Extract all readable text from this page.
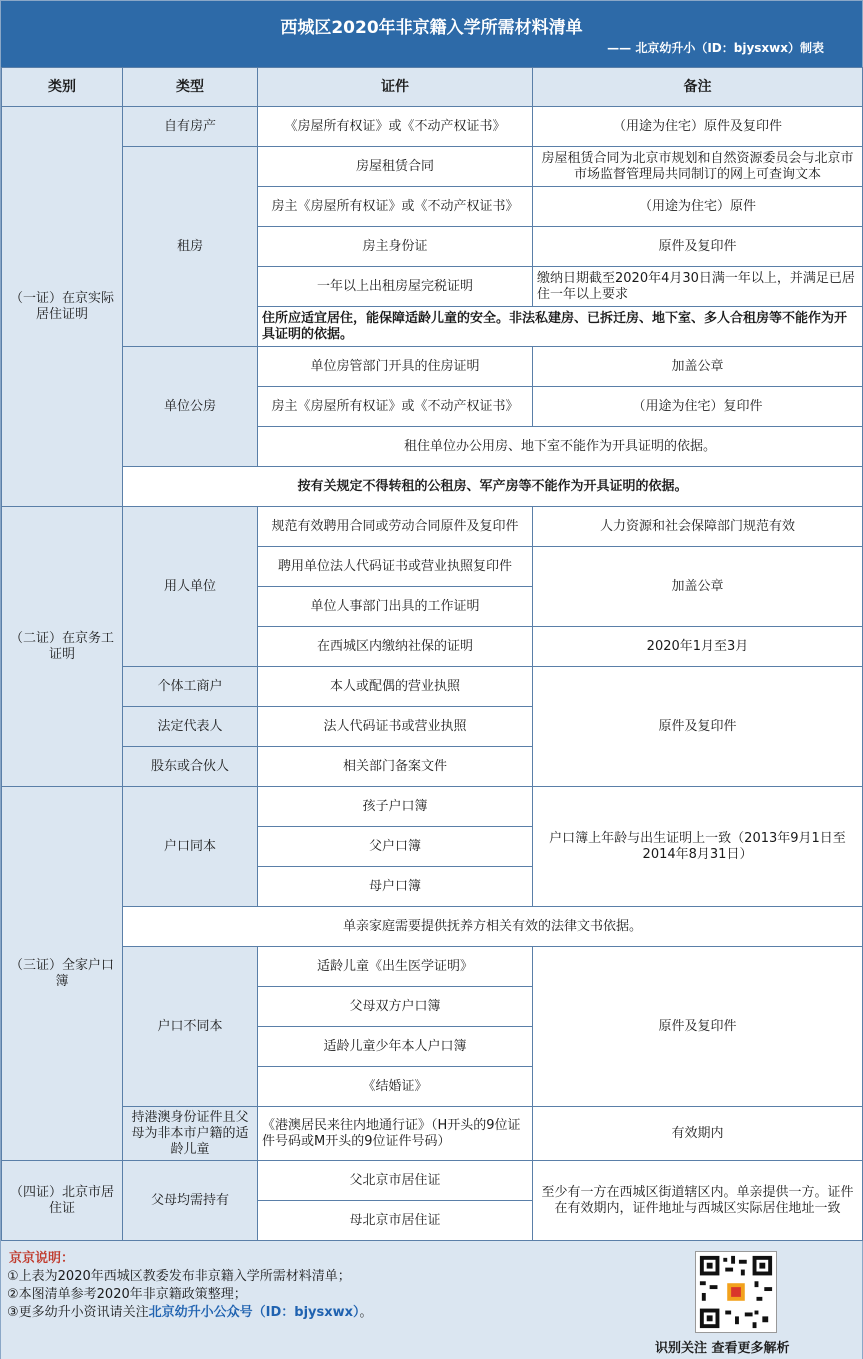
西城区2020年非京籍入学所需材料清单
—— 北京幼升小（ID：bjysxwx）制表
类别	类型	证件	备注
（一证）在京实际居住证明	自有房产	《房屋所有权证》或《不动产权证书》	（用途为住宅）原件及复印件
	租房	房屋租赁合同	房屋租赁合同为北京市规划和自然资源委员会与北京市市场监督管理局共同制订的网上可查询文本
		房主《房屋所有权证》或《不动产权证书》	（用途为住宅）原件
		房主身份证	原件及复印件
		一年以上出租房屋完税证明	缴纳日期截至2020年4月30日满一年以上，并满足已居住一年以上要求
		住所应适宜居住，能保障适龄儿童的安全。非法私建房、已拆迁房、地下室、多人合租房等不能作为开具证明的依据。	
	单位公房	单位房管部门开具的住房证明	加盖公章
		房主《房屋所有权证》或《不动产权证书》	（用途为住宅）复印件
		租住单位办公用房、地下室不能作为开具证明的依据。	
	按有关规定不得转租的公租房、军产房等不能作为开具证明的依据。		
（二证）在京务工证明	用人单位	规范有效聘用合同或劳动合同原件及复印件	人力资源和社会保障部门规范有效
		聘用单位法人代码证书或营业执照复印件	加盖公章
		单位人事部门出具的工作证明	
		在西城区内缴纳社保的证明	2020年1月至3月
	个体工商户	本人或配偶的营业执照	原件及复印件
	法定代表人	法人代码证书或营业执照	
	股东或合伙人	相关部门备案文件	
（三证）全家户口簿	户口同本	孩子户口簿	户口簿上年龄与出生证明上一致（2013年9月1日至2014年8月31日）
		父户口簿	
		母户口簿	
	单亲家庭需要提供抚养方相关有效的法律文书依据。		
	户口不同本	适龄儿童《出生医学证明》	原件及复印件
		父母双方户口簿	
		适龄儿童少年本人户口簿	
		《结婚证》	
	持港澳身份证件且父母为非本市户籍的适龄儿童	《港澳居民来往内地通行证》（H开头的9位证件号码或M开头的9位证件号码）	有效期内
（四证）北京市居住证	父母均需持有	父北京市居住证	至少有一方在西城区街道辖区内。单亲提供一方。证件在有效期内，证件地址与西城区实际居住地址一致
		母北京市居住证	
京京说明：
①上表为2020年西城区教委发布非京籍入学所需材料清单；
②本图清单参考2020年非京籍政策整理；
③更多幼升小资讯请关注北京幼升小公众号（ID：bjysxwx）。
识别关注 查看更多解析
